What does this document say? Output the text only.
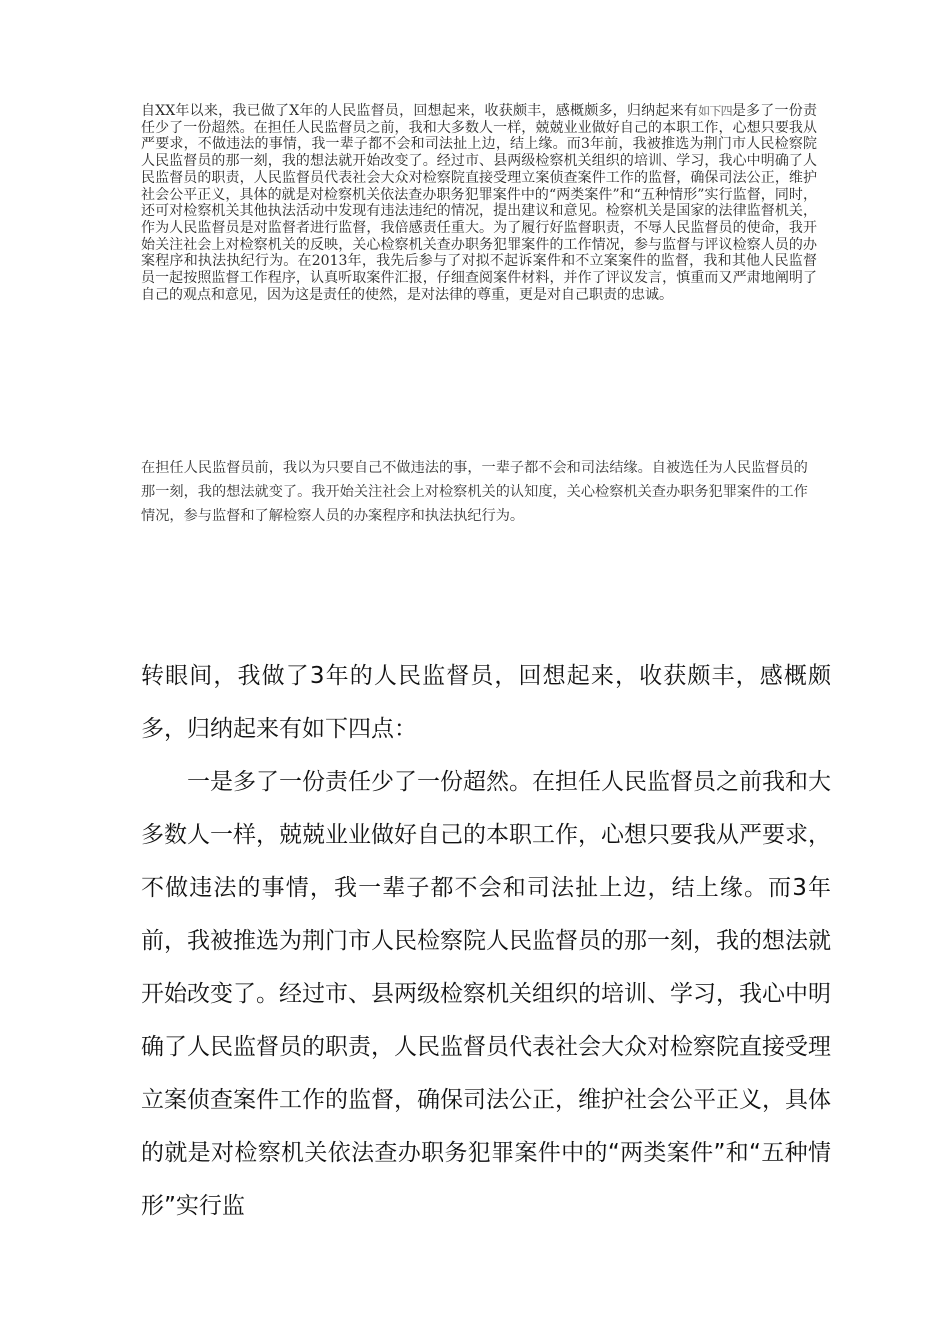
自XX年以来，我已做了X年的人民监督员，回想起来，收获颇丰，感概颇多，归纳起来有如下四是多了一份责任少了一份超然。在担任人民监督员之前，我和大多数人一样，兢兢业业做好自己的本职工作，心想只要我从严要求，不做违法的事情，我一辈子都不会和司法扯上边，结上缘。而3年前，我被推选为荆门市人民检察院人民监督员的那一刻，我的想法就开始改变了。经过市、县两级检察机关组织的培训、学习，我心中明确了人民监督员的职责，人民监督员代表社会大众对检察院直接受理立案侦查案件工作的监督，确保司法公正，维护社会公平正义，具体的就是对检察机关依法查办职务犯罪案件中的“两类案件”和“五种情形”实行监督，同时，还可对检察机关其他执法活动中发现有违法违纪的情况，提出建议和意见。检察机关是国家的法律监督机关，作为人民监督员是对监督者进行监督，我倍感责任重大。为了履行好监督职责，不辱人民监督员的使命，我开始关注社会上对检察机关的反映，关心检察机关查办职务犯罪案件的工作情况，参与监督与评议检察人员的办案程序和执法执纪行为。在2013年，我先后参与了对拟不起诉案件和不立案案件的监督，我和其他人民监督员一起按照监督工作程序，认真听取案件汇报，仔细查阅案件材料，并作了评议发言，慎重而又严肃地阐明了自己的观点和意见，因为这是责任的使然，是对法律的尊重，更是对自己职责的忠诚。

在担任人民监督员前，我以为只要自己不做违法的事，一辈子都不会和司法结缘。自被选任为人民监督员的那一刻，我的想法就变了。我开始关注社会上对检察机关的认知度，关心检察机关查办职务犯罪案件的工作情况，参与监督和了解检察人员的办案程序和执法执纪行为。

转眼间，我做了3年的人民监督员，回想起来，收获颇丰，感概颇多，归纳起来有如下四点：

一是多了一份责任少了一份超然。在担任人民监督员之前我和大多数人一样，兢兢业业做好自己的本职工作，心想只要我从严要求，不做违法的事情，我一辈子都不会和司法扯上边，结上缘。而3年前，我被推选为荆门市人民检察院人民监督员的那一刻，我的想法就开始改变了。经过市、县两级检察机关组织的培训、学习，我心中明确了人民监督员的职责，人民监督员代表社会大众对检察院直接受理立案侦查案件工作的监督，确保司法公正，维护社会公平正义，具体的就是对检察机关依法查办职务犯罪案件中的“两类案件”和“五种情形”实行监
